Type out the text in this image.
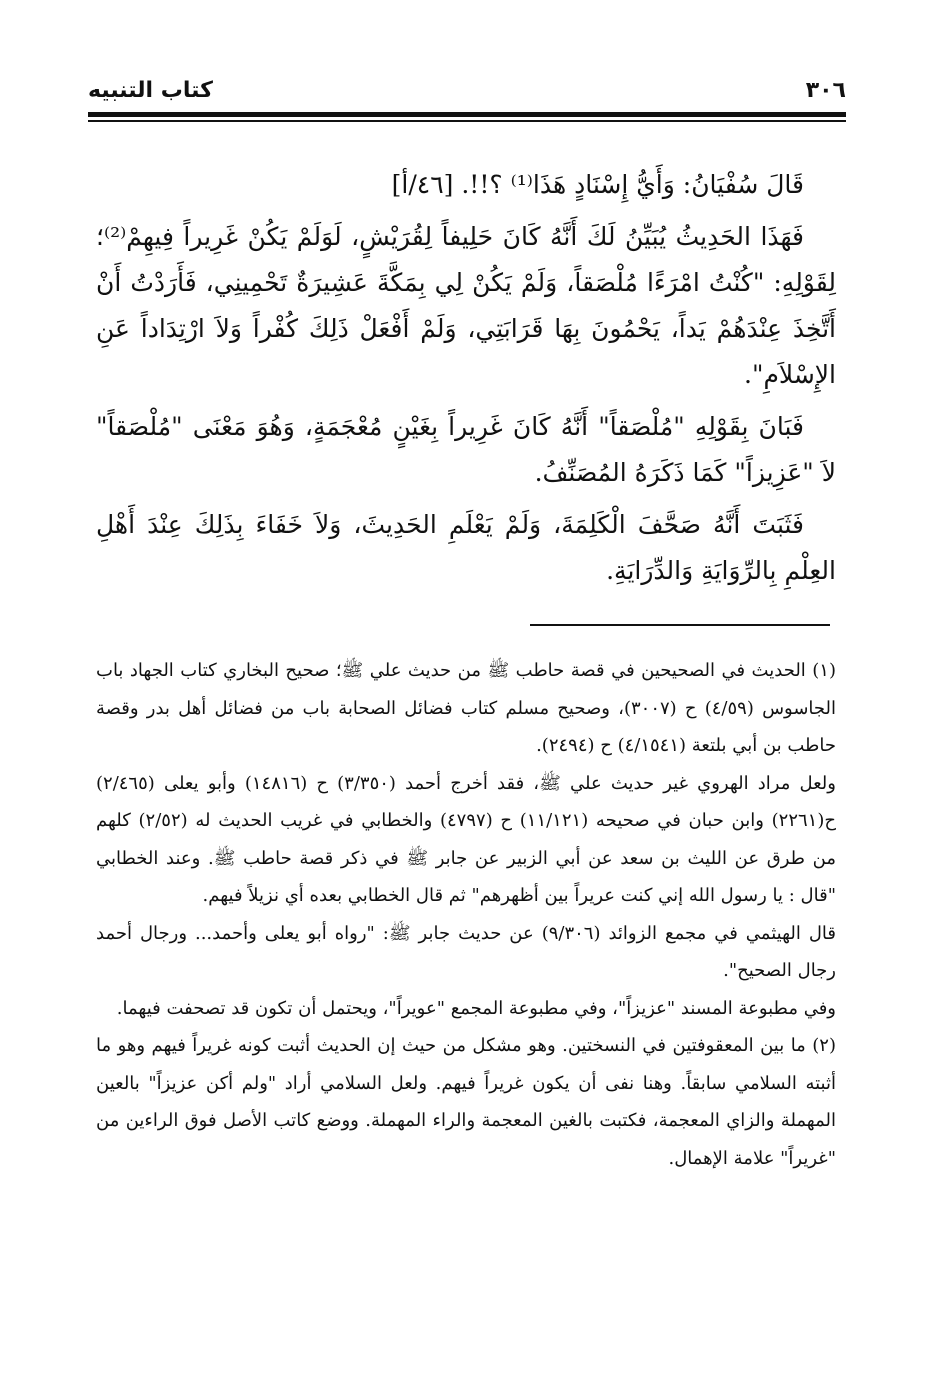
٣٠٦
كتاب التنبيه

قَالَ سُفْيَانُ: وَأَيُّ إِسْنَادٍ هَذَا⁽¹⁾ ؟!!. [٤٦/أ]

فَهَذَا الحَدِيثُ يُبَيِّنُ لَكَ أَنَّهُ كَانَ حَلِيفاً لِقُرَيْشٍ، لَوَلَمْ يَكُنْ غَرِيراً فِيهِمْ⁽²⁾؛ لِقَوْلِهِ: "كُنْتُ امْرَءًا مُلْصَقاً، وَلَمْ يَكُنْ لِي بِمَكَّةَ عَشِيرَةٌ تَحْمِينِي، فَأَرَدْتُ أَنْ أَتَّخِذَ عِنْدَهُمْ يَداً، يَحْمُونَ بِهَا قَرَابَتِي، وَلَمْ أَفْعَلْ ذَلِكَ كُفْراً وَلاَ ارْتِدَاداً عَنِ الإِسْلاَمِ".

فَبَانَ بِقَوْلِهِ "مُلْصَقاً" أَنَّهُ كَانَ غَرِيراً بِغَيْنٍ مُعْجَمَةٍ، وَهُوَ مَعْنَى "مُلْصَقاً" لاَ "عَزِيزاً" كَمَا ذَكَرَهُ المُصَنِّفُ.

فَثَبَتَ أَنَّهُ صَحَّفَ الْكَلِمَةَ، وَلَمْ يَعْلَمِ الحَدِيثَ، وَلاَ خَفَاءَ بِذَلِكَ عِنْدَ أَهْلِ العِلْمِ بِالرِّوَايَةِ وَالدِّرَايَةِ.

(١) الحديث في الصحيحين في قصة حاطب ﷺ من حديث علي ﷺ؛ صحيح البخاري كتاب الجهاد باب الجاسوس (٤/٥٩) ح (٣٠٠٧)، وصحيح مسلم كتاب فضائل الصحابة باب من فضائل أهل بدر وقصة حاطب بن أبي بلتعة (٤/١٥٤١) ح (٢٤٩٤).

ولعل مراد الهروي غير حديث علي ﷺ، فقد أخرج أحمد (٣/٣٥٠) ح (١٤٨١٦) وأبو يعلى (٢/٤٦٥) ح(٢٢٦١) وابن حبان في صحيحه (١١/١٢١) ح (٤٧٩٧) والخطابي في غريب الحديث له (٢/٥٢) كلهم من طرق عن الليث بن سعد عن أبي الزبير عن جابر ﷺ في ذكر قصة حاطب ﷺ. وعند الخطابي "قال : يا رسول الله إني كنت عريراً بين أظهرهم" ثم قال الخطابي بعده أي نزيلاً فيهم.

قال الهيثمي في مجمع الزوائد (٩/٣٠٦) عن حديث جابر ﷺ: "رواه أبو يعلى وأحمد... ورجال أحمد رجال الصحيح".

وفي مطبوعة المسند "عزيزاً"، وفي مطبوعة المجمع "عويراً"، ويحتمل أن تكون قد تصحفت فيهما.

(٢) ما بين المعقوفتين في النسختين. وهو مشكل من حيث إن الحديث أثبت كونه غريراً فيهم وهو ما أثبته السلامي سابقاً. وهنا نفى أن يكون غريراً فيهم. ولعل السلامي أراد "ولم أكن عزيزاً" بالعين المهملة والزاي المعجمة، فكتبت بالغين المعجمة والراء المهملة. ووضع كاتب الأصل فوق الراءين من "غريراً" علامة الإهمال.
